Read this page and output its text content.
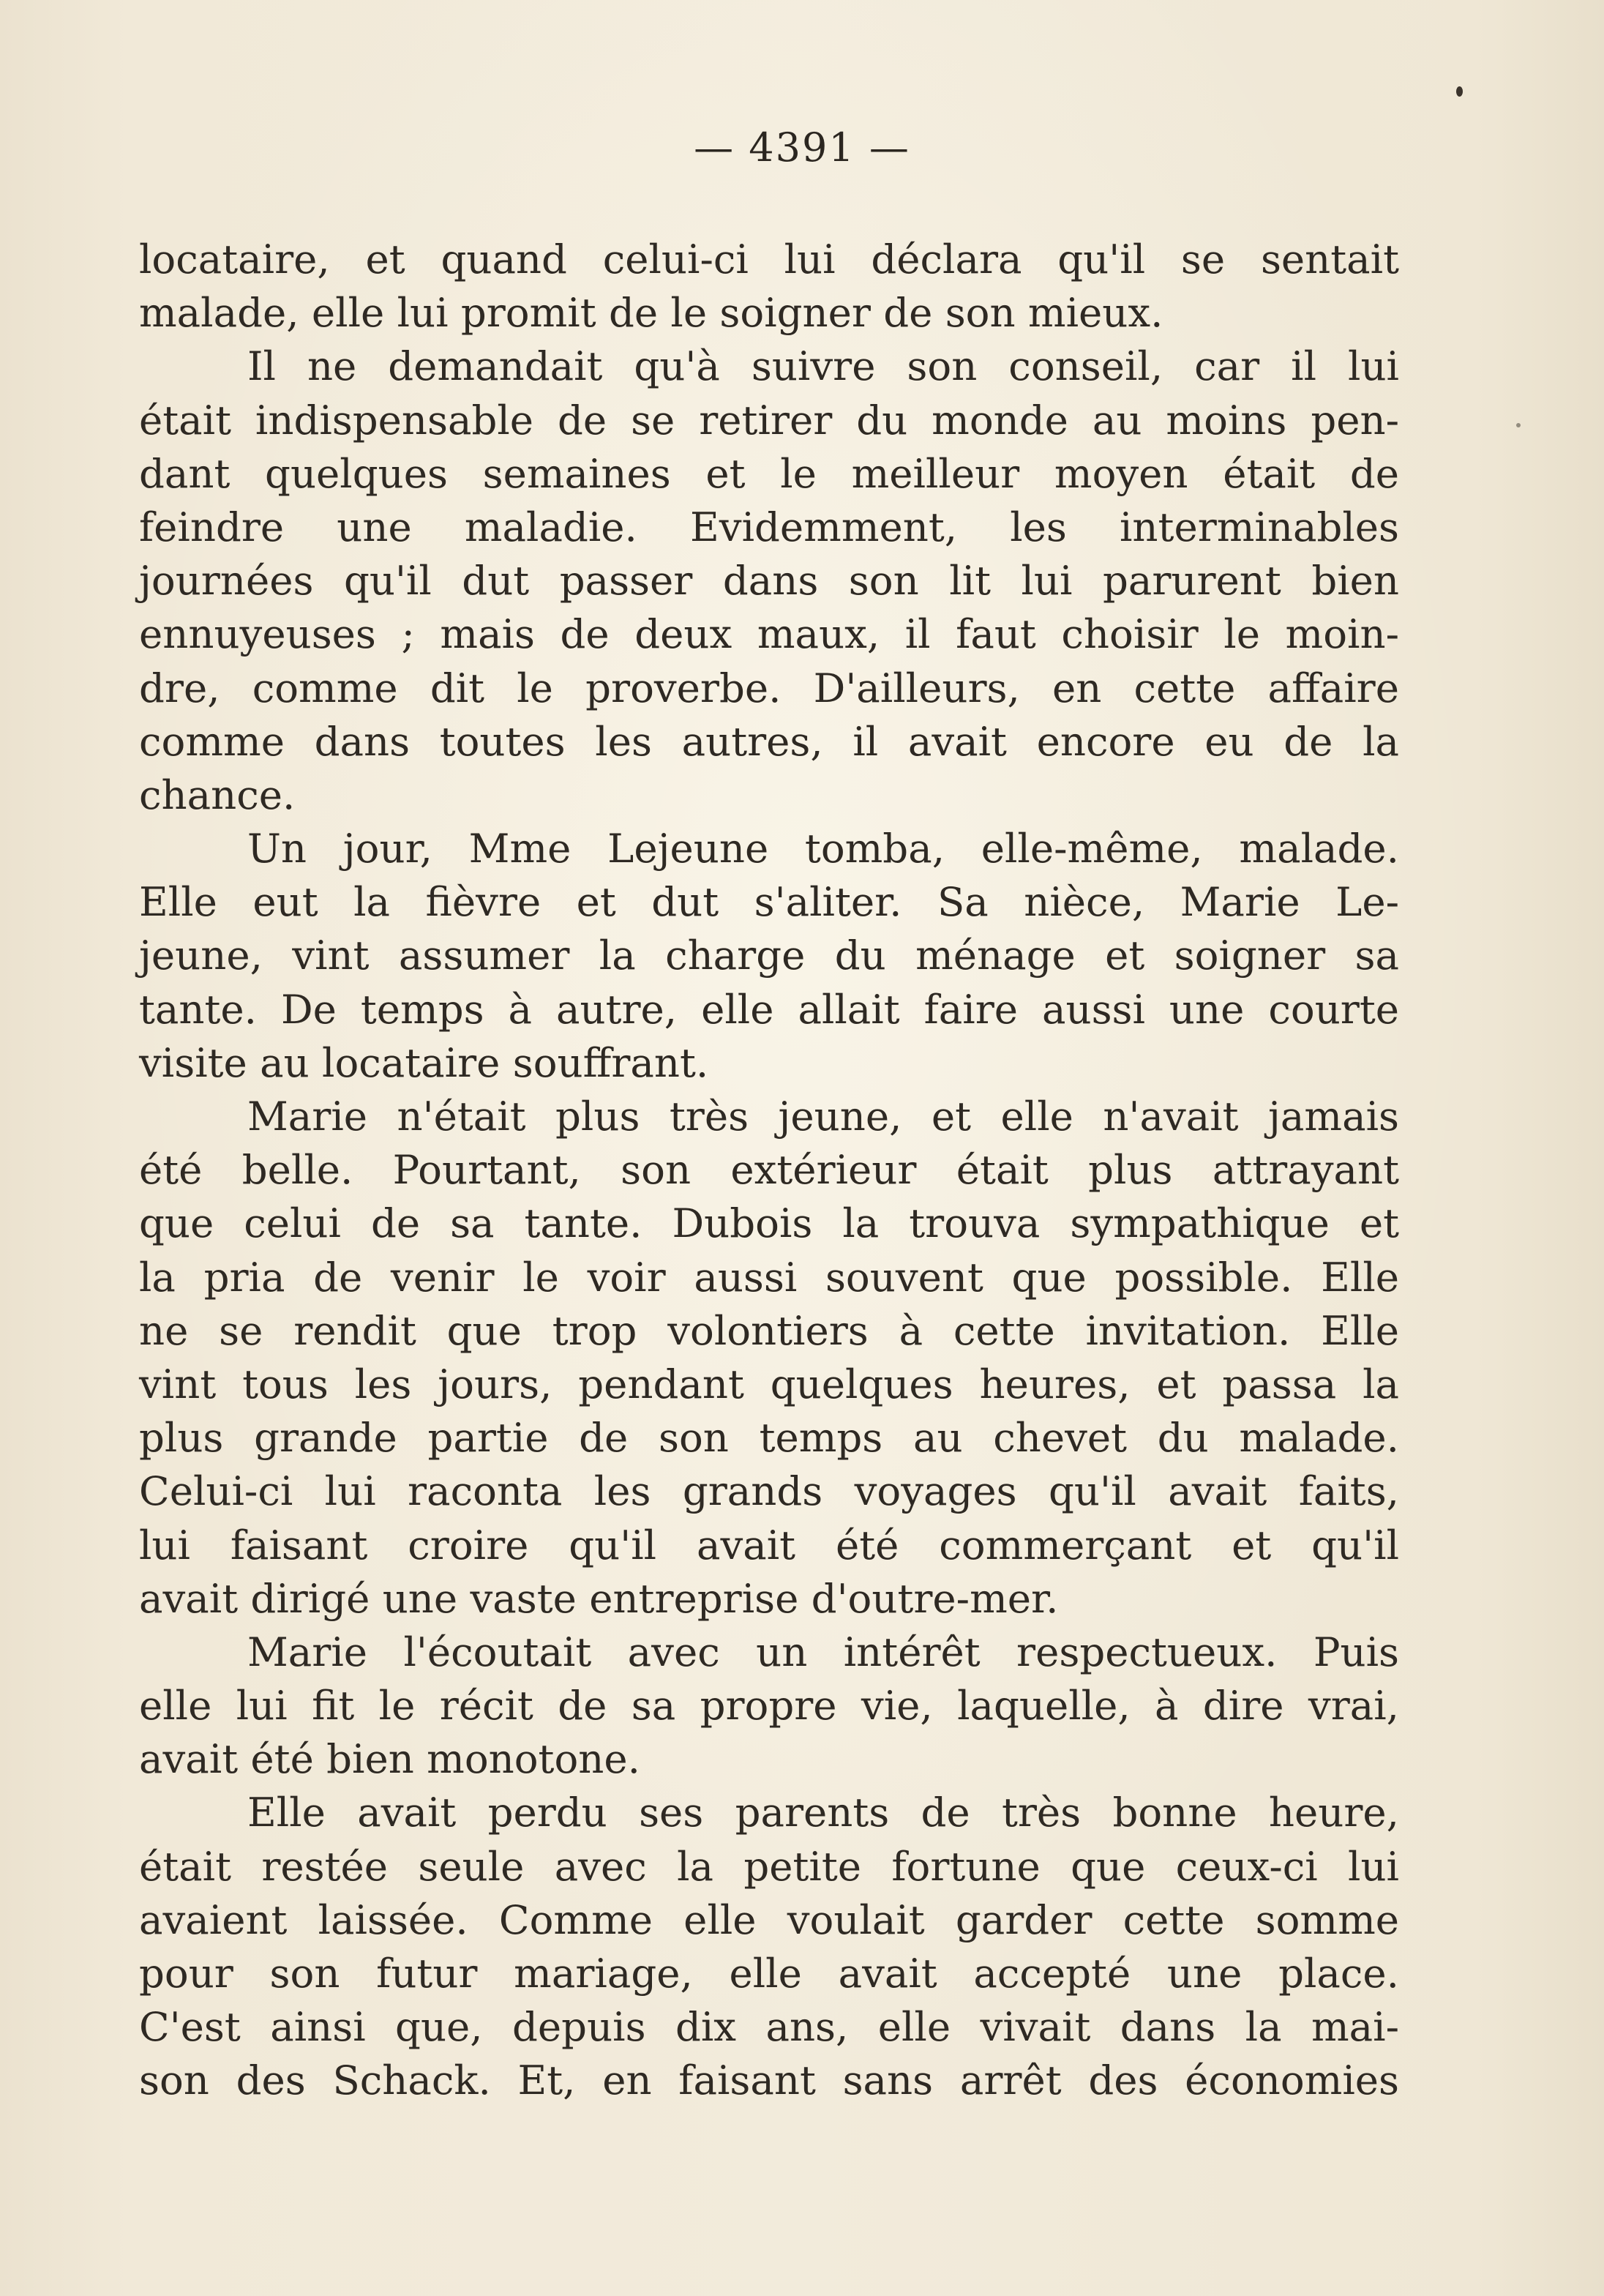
— 4391 —
locataire, et quand celui-ci lui déclara qu'il se sentait
malade, elle lui promit de le soigner de son mieux.
Il ne demandait qu'à suivre son conseil, car il lui
était indispensable de se retirer du monde au moins pen-
dant quelques semaines et le meilleur moyen était de
feindre une maladie. Evidemment, les interminables
journées qu'il dut passer dans son lit lui parurent bien
ennuyeuses ; mais de deux maux, il faut choisir le moin-
dre, comme dit le proverbe. D'ailleurs, en cette affaire
comme dans toutes les autres, il avait encore eu de la
chance.
Un jour, Mme Lejeune tomba, elle-même, malade.
Elle eut la fièvre et dut s'aliter. Sa nièce, Marie Le-
jeune, vint assumer la charge du ménage et soigner sa
tante. De temps à autre, elle allait faire aussi une courte
visite au locataire souffrant.
Marie n'était plus très jeune, et elle n'avait jamais
été belle. Pourtant, son extérieur était plus attrayant
que celui de sa tante. Dubois la trouva sympathique et
la pria de venir le voir aussi souvent que possible. Elle
ne se rendit que trop volontiers à cette invitation. Elle
vint tous les jours, pendant quelques heures, et passa la
plus grande partie de son temps au chevet du malade.
Celui-ci lui raconta les grands voyages qu'il avait faits,
lui faisant croire qu'il avait été commerçant et qu'il
avait dirigé une vaste entreprise d'outre-mer.
Marie l'écoutait avec un intérêt respectueux. Puis
elle lui fit le récit de sa propre vie, laquelle, à dire vrai,
avait été bien monotone.
Elle avait perdu ses parents de très bonne heure,
était restée seule avec la petite fortune que ceux-ci lui
avaient laissée. Comme elle voulait garder cette somme
pour son futur mariage, elle avait accepté une place.
C'est ainsi que, depuis dix ans, elle vivait dans la mai-
son des Schack. Et, en faisant sans arrêt des économies
